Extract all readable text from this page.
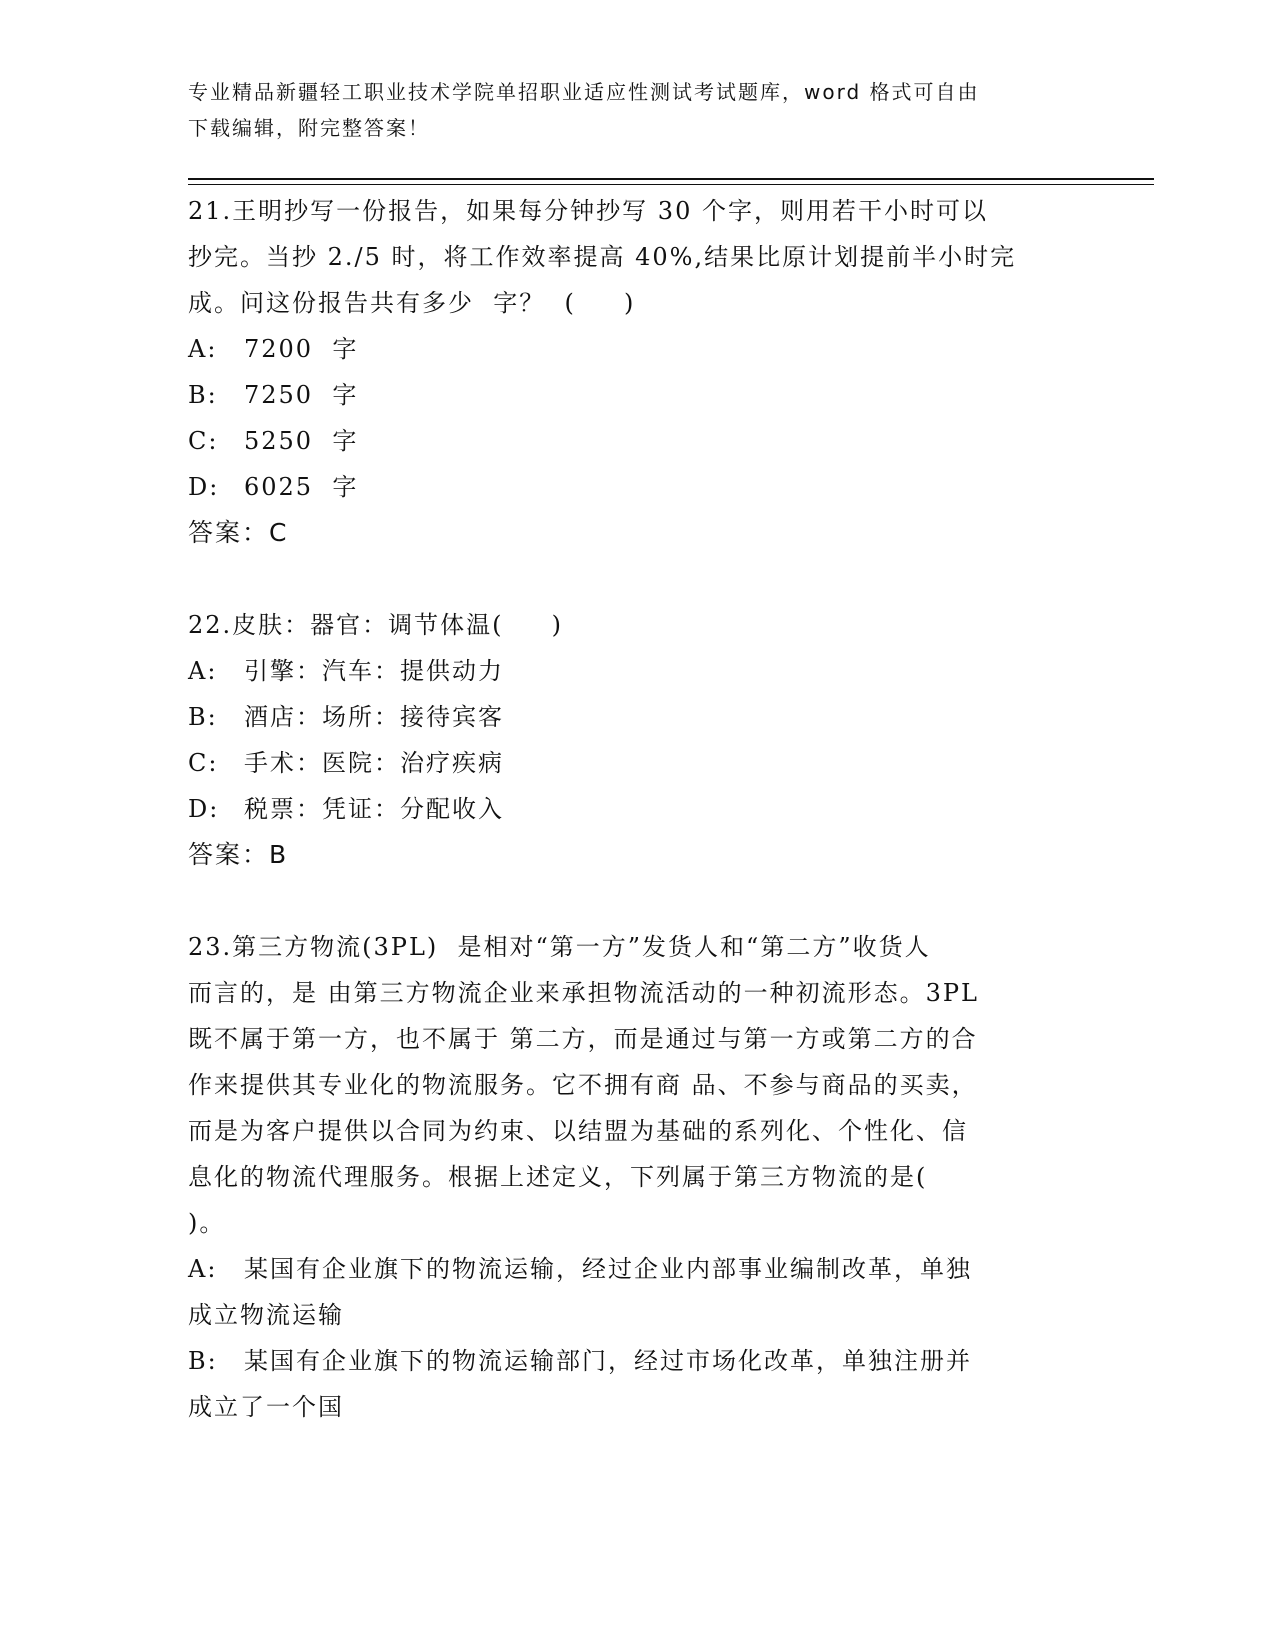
专业精品新疆轻工职业技术学院单招职业适应性测试考试题库，word 格式可自由
下载编辑，附完整答案！
21.王明抄写一份报告，如果每分钟抄写 30 个字，则用若干小时可以
抄完。当抄 2./5 时，将工作效率提高 40%,结果比原计划提前半小时完
成。问这份报告共有多少  字？  (     )
A: 7200  字
B: 7250  字
C: 5250  字
D: 6025  字
答案：C
22.皮肤：器官：调节体温(     )
A: 引擎：汽车：提供动力
B: 酒店：场所：接待宾客
C: 手术：医院：治疗疾病
D: 税票：凭证：分配收入
答案：B
23.第三方物流(3PL)  是相对“第一方”发货人和“第二方”收货人
而言的，是 由第三方物流企业来承担物流活动的一种初流形态。3PL
既不属于第一方，也不属于 第二方，而是通过与第一方或第二方的合
作来提供其专业化的物流服务。它不拥有商 品、不参与商品的买卖，
而是为客户提供以合同为约束、以结盟为基础的系列化、个性化、信
息化的物流代理服务。根据上述定义，下列属于第三方物流的是(
)。
A: 某国有企业旗下的物流运输，经过企业内部事业编制改革，单独
成立物流运输
B: 某国有企业旗下的物流运输部门，经过市场化改革，单独注册并
成立了一个国
